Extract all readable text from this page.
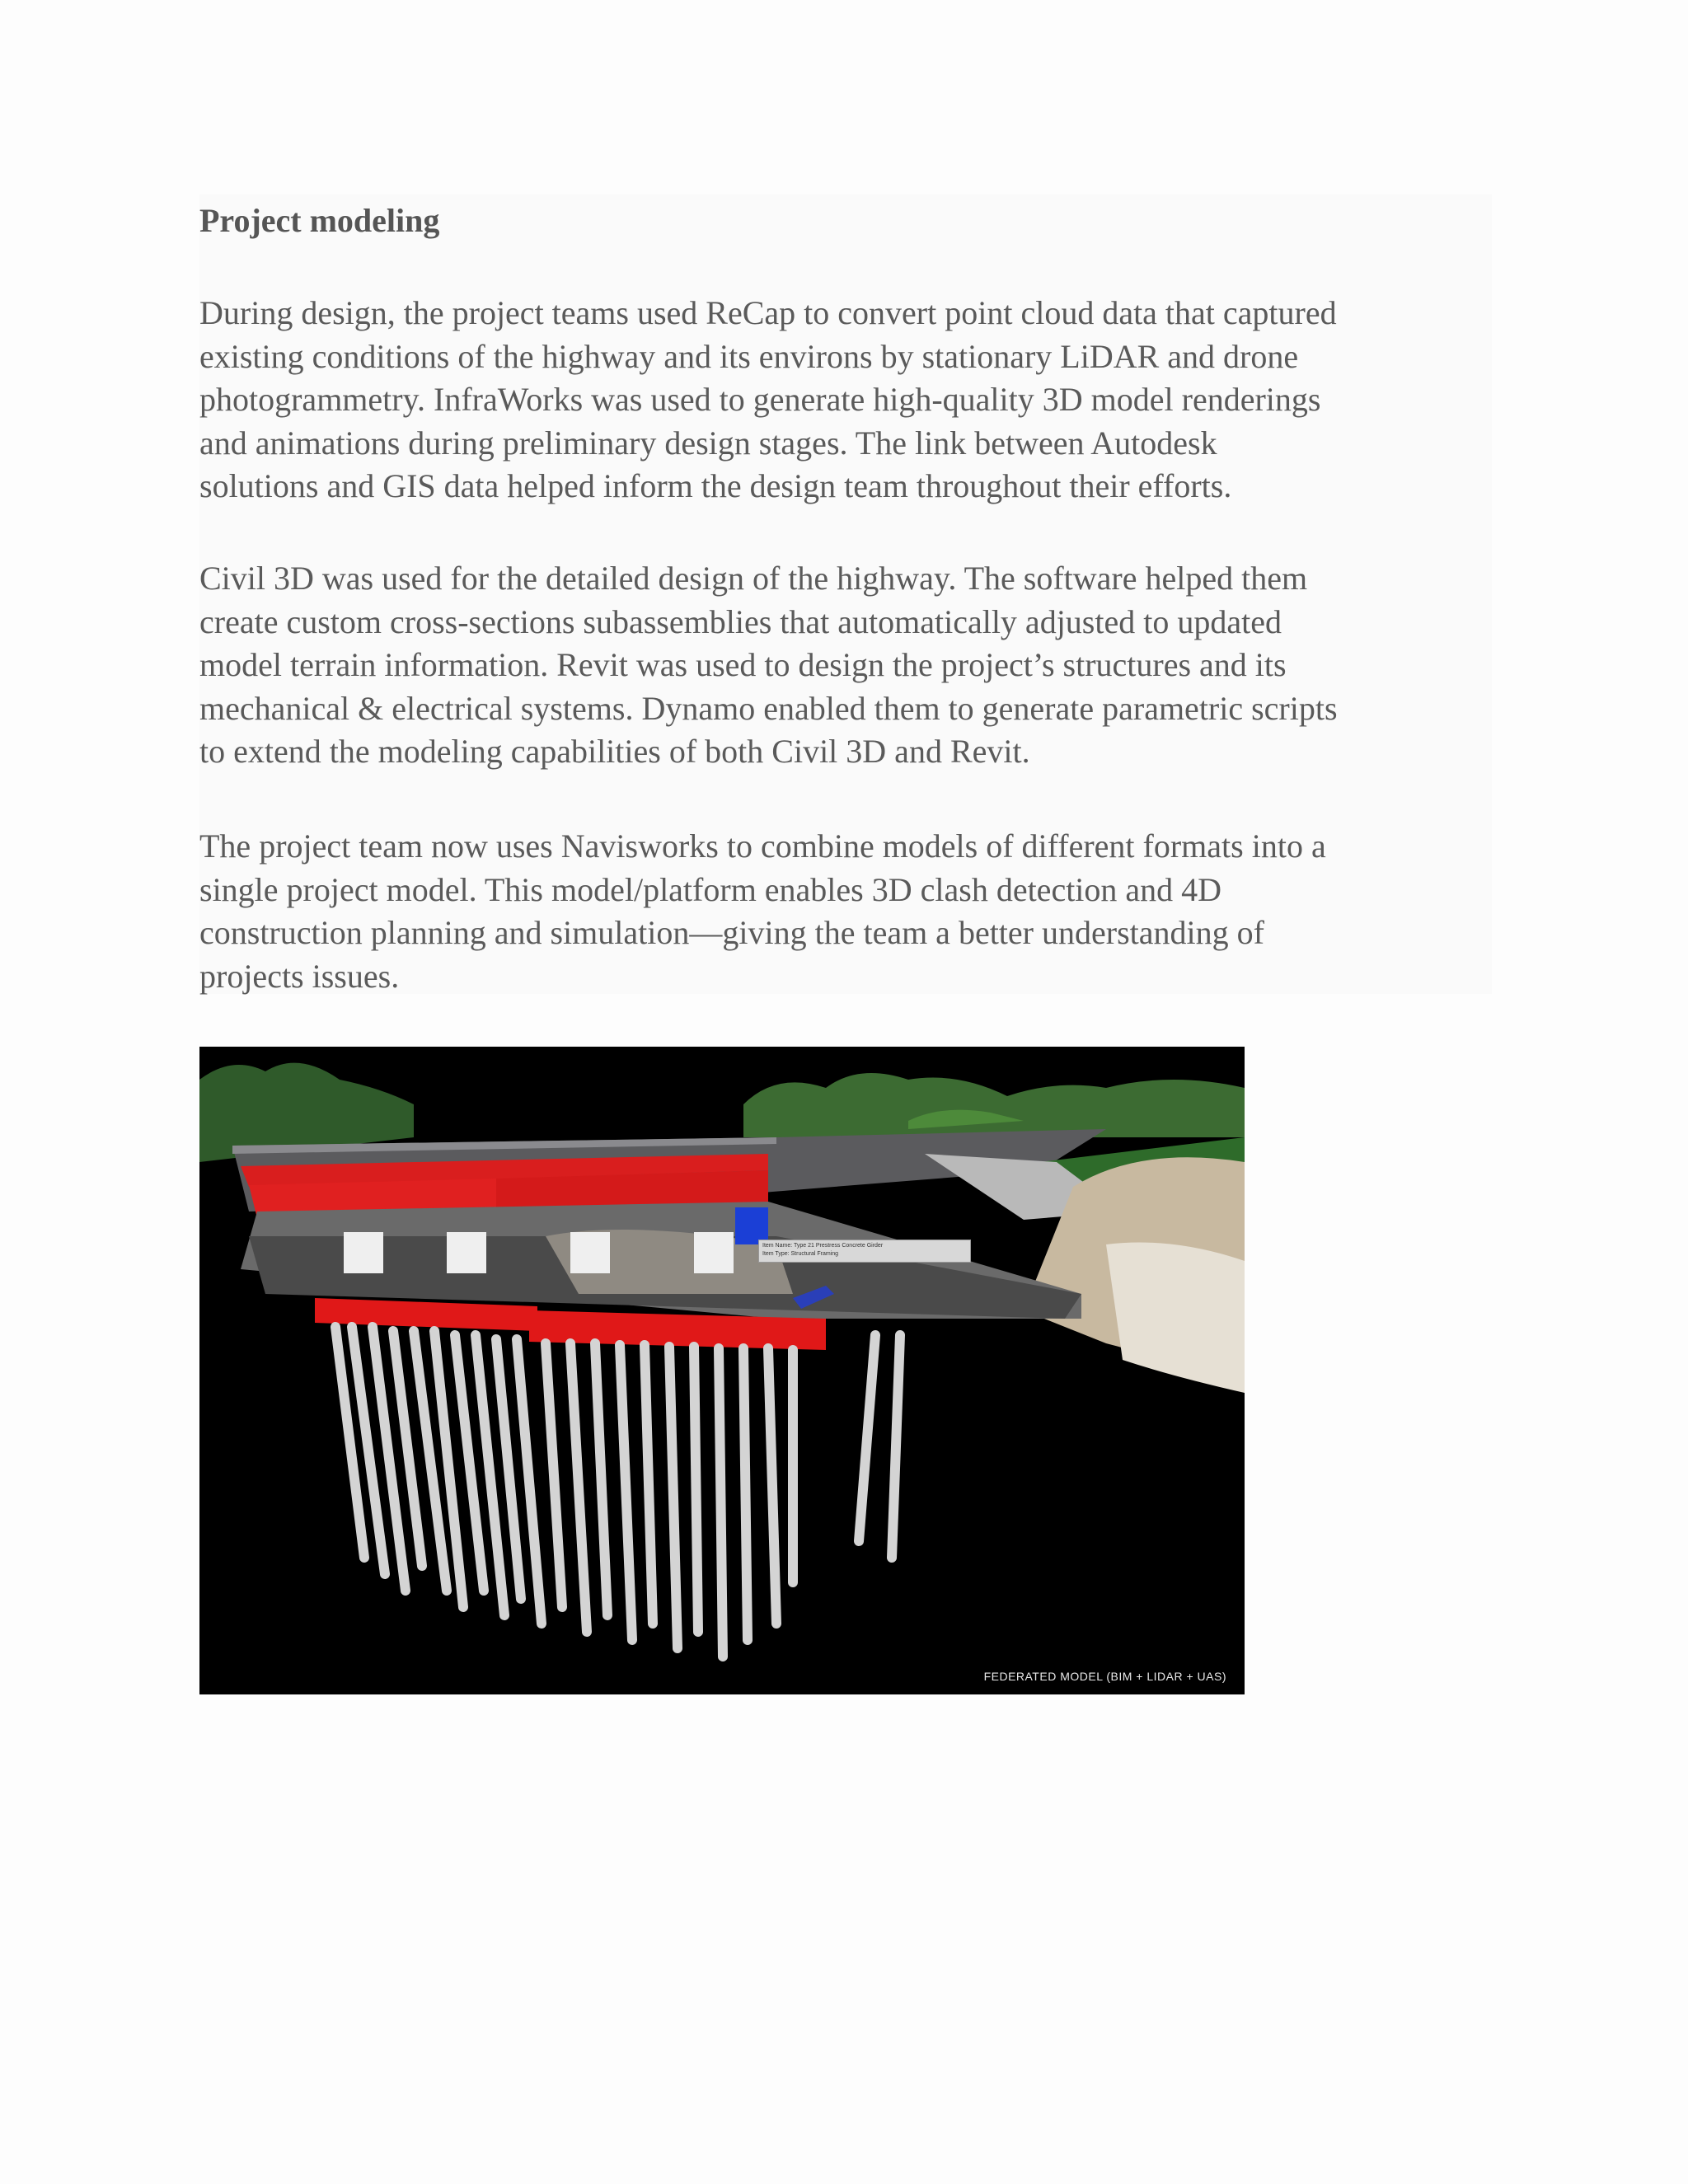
Project modeling

During design, the project teams used ReCap to convert point cloud data that captured
existing conditions of the highway and its environs by stationary LiDAR and drone
photogrammetry. InfraWorks was used to generate high-quality 3D model renderings
and animations during preliminary design stages. The link between Autodesk
solutions and GIS data helped inform the design team throughout their efforts.

Civil 3D was used for the detailed design of the highway. The software helped them
create custom cross-sections subassemblies that automatically adjusted to updated
model terrain information. Revit was used to design the project’s structures and its
mechanical & electrical systems. Dynamo enabled them to generate parametric scripts
to extend the modeling capabilities of both Civil 3D and Revit.

The project team now uses Navisworks to combine models of different formats into a
single project model. This model/platform enables 3D clash detection and 4D
construction planning and simulation—giving the team a better understanding of
projects issues.

Item Name: Type 21 Prestress Concrete Girder
Item Type: Structural Framing
FEDERATED MODEL (BIM + LIDAR + UAS)
